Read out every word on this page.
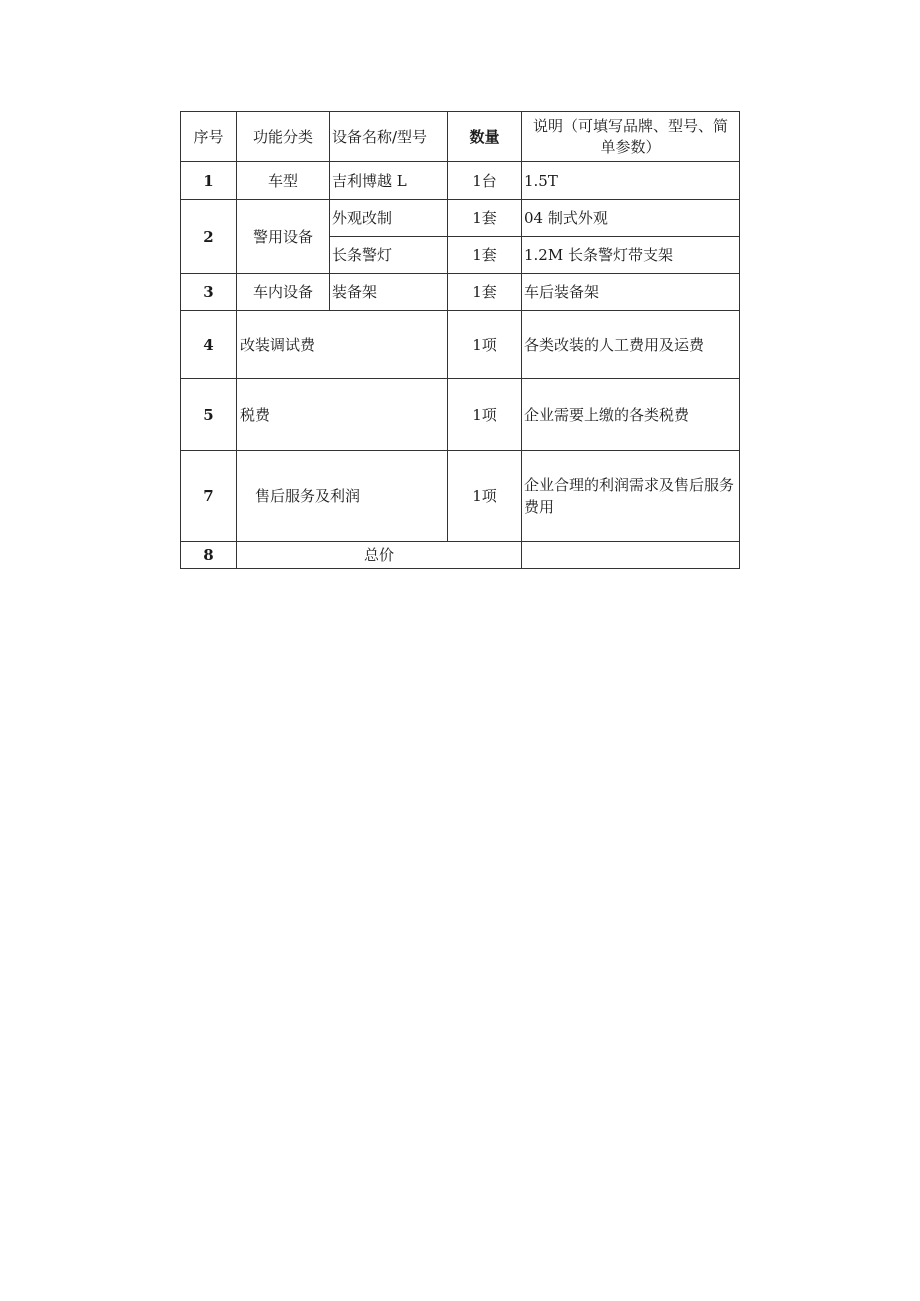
序号	功能分类	设备名称/型号	数量	说明（可填写品牌、型号、简单参数）
1	车型	吉利博越 L	1台	1.5T
2	警用设备	外观改制	1套	04 制式外观
		长条警灯	1套	1.2M 长条警灯带支架
3	车内设备	装备架	1套	车后装备架
4	改装调试费		1项	各类改装的人工费用及运费
5	税费		1项	企业需要上缴的各类税费
7	售后服务及利润		1项	企业合理的利润需求及售后服务费用
8	总价			
